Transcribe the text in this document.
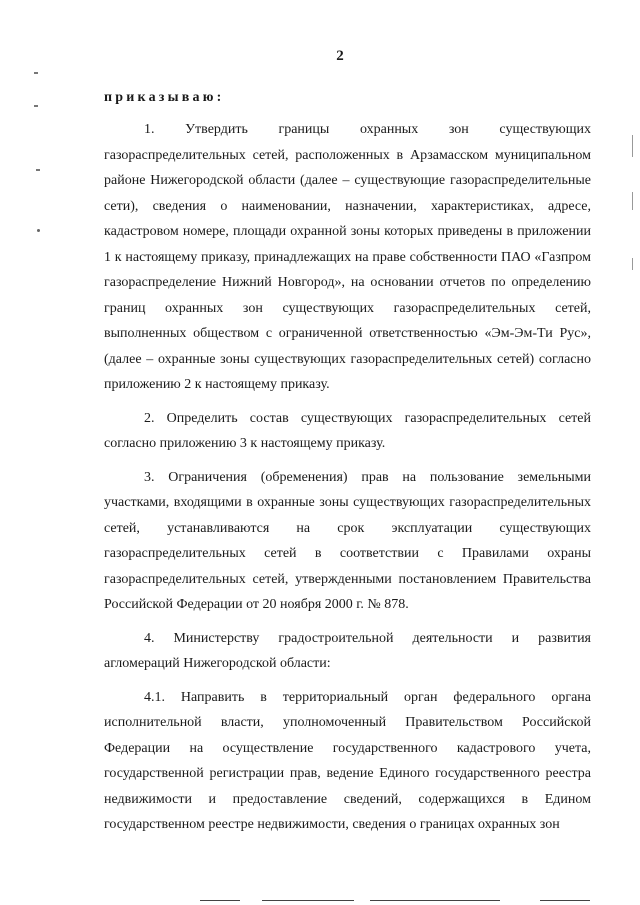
2
приказываю:

1. Утвердить границы охранных зон существующих газораспределительных сетей, расположенных в Арзамасском муниципальном районе Нижегородской области (далее – существующие газораспределительные сети), сведения о наименовании, назначении, характеристиках, адресе, кадастровом номере, площади охранной зоны которых приведены в приложении 1 к настоящему приказу, принадлежащих на праве собственности ПАО «Газпром газораспределение Нижний Новгород», на основании отчетов по определению границ охранных зон существующих газораспределительных сетей, выполненных обществом с ограниченной ответственностью «Эм-Эм-Ти Рус», (далее – охранные зоны существующих газораспределительных сетей) согласно приложению 2 к настоящему приказу.

2. Определить состав существующих газораспределительных сетей согласно приложению 3 к настоящему приказу.

3. Ограничения (обременения) прав на пользование земельными участками, входящими в охранные зоны существующих газораспределительных сетей, устанавливаются на срок эксплуатации существующих газораспределительных сетей в соответствии с Правилами охраны газораспределительных сетей, утвержденными постановлением Правительства Российской Федерации от 20 ноября 2000 г. № 878.

4. Министерству градостроительной деятельности и развития агломераций Нижегородской области:

4.1. Направить в территориальный орган федерального органа исполнительной власти, уполномоченный Правительством Российской Федерации на осуществление государственного кадастрового учета, государственной регистрации прав, ведение Единого государственного реестра недвижимости и предоставление сведений, содержащихся в Едином государственном реестре недвижимости, сведения о границах охранных зон
